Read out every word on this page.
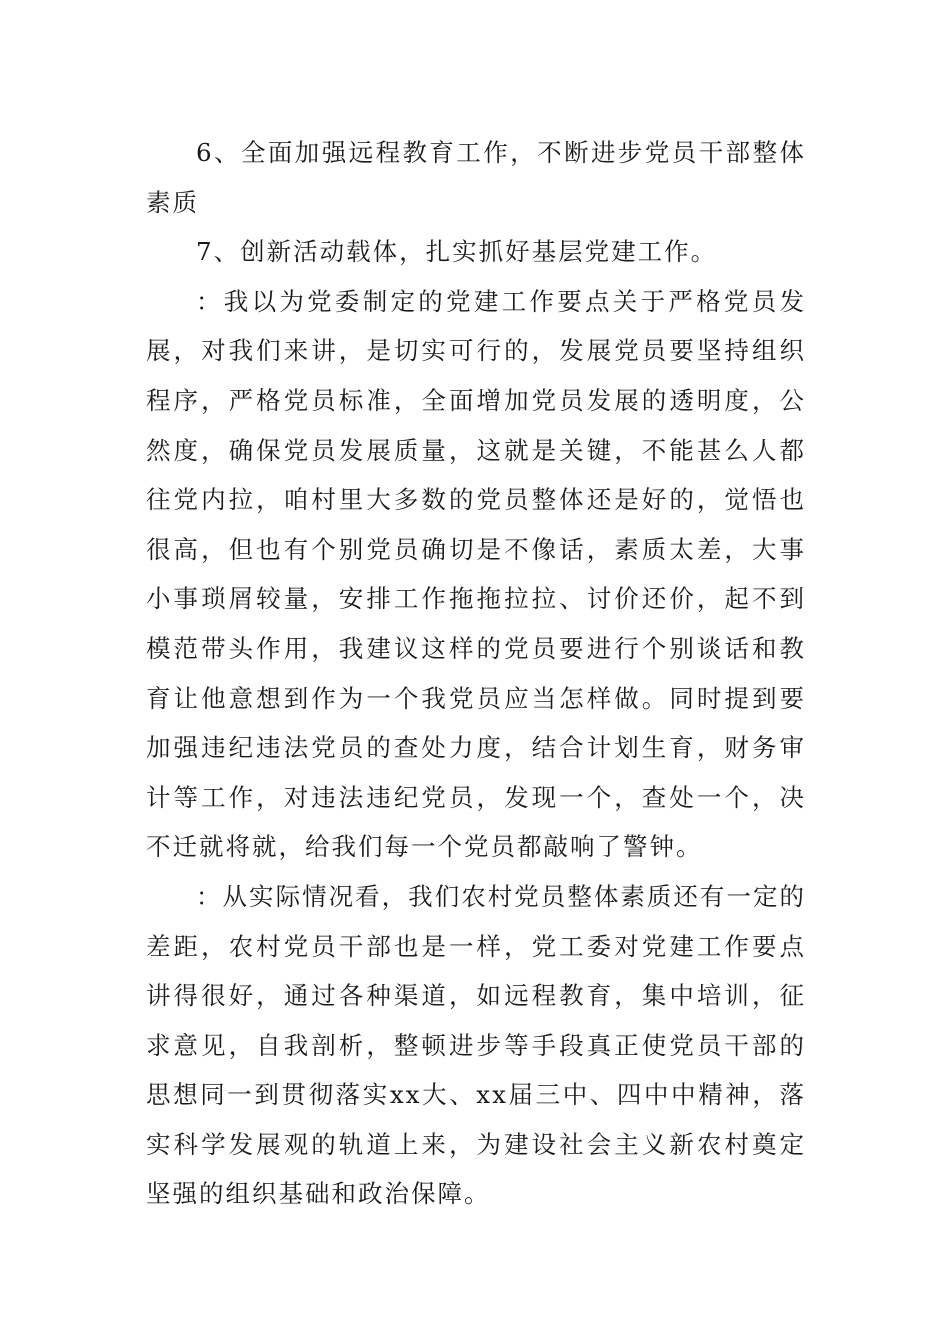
6、全面加强远程教育工作，不断进步党员干部整体素质

7、创新活动载体，扎实抓好基层党建工作。

：我以为党委制定的党建工作要点关于严格党员发展，对我们来讲，是切实可行的，发展党员要坚持组织程序，严格党员标准，全面增加党员发展的透明度，公然度，确保党员发展质量，这就是关键，不能甚么人都往党内拉，咱村里大多数的党员整体还是好的，觉悟也很高，但也有个别党员确切是不像话，素质太差，大事小事琐屑较量，安排工作拖拖拉拉、讨价还价，起不到模范带头作用，我建议这样的党员要进行个别谈话和教育让他意想到作为一个我党员应当怎样做。同时提到要加强违纪违法党员的查处力度，结合计划生育，财务审计等工作，对违法违纪党员，发现一个，查处一个，决不迁就将就，给我们每一个党员都敲响了警钟。

：从实际情况看，我们农村党员整体素质还有一定的差距，农村党员干部也是一样，党工委对党建工作要点讲得很好，通过各种渠道，如远程教育，集中培训，征求意见，自我剖析，整顿进步等手段真正使党员干部的思想同一到贯彻落实xx大、xx届三中、四中中精神，落实科学发展观的轨道上来，为建设社会主义新农村奠定坚强的组织基础和政治保障。
